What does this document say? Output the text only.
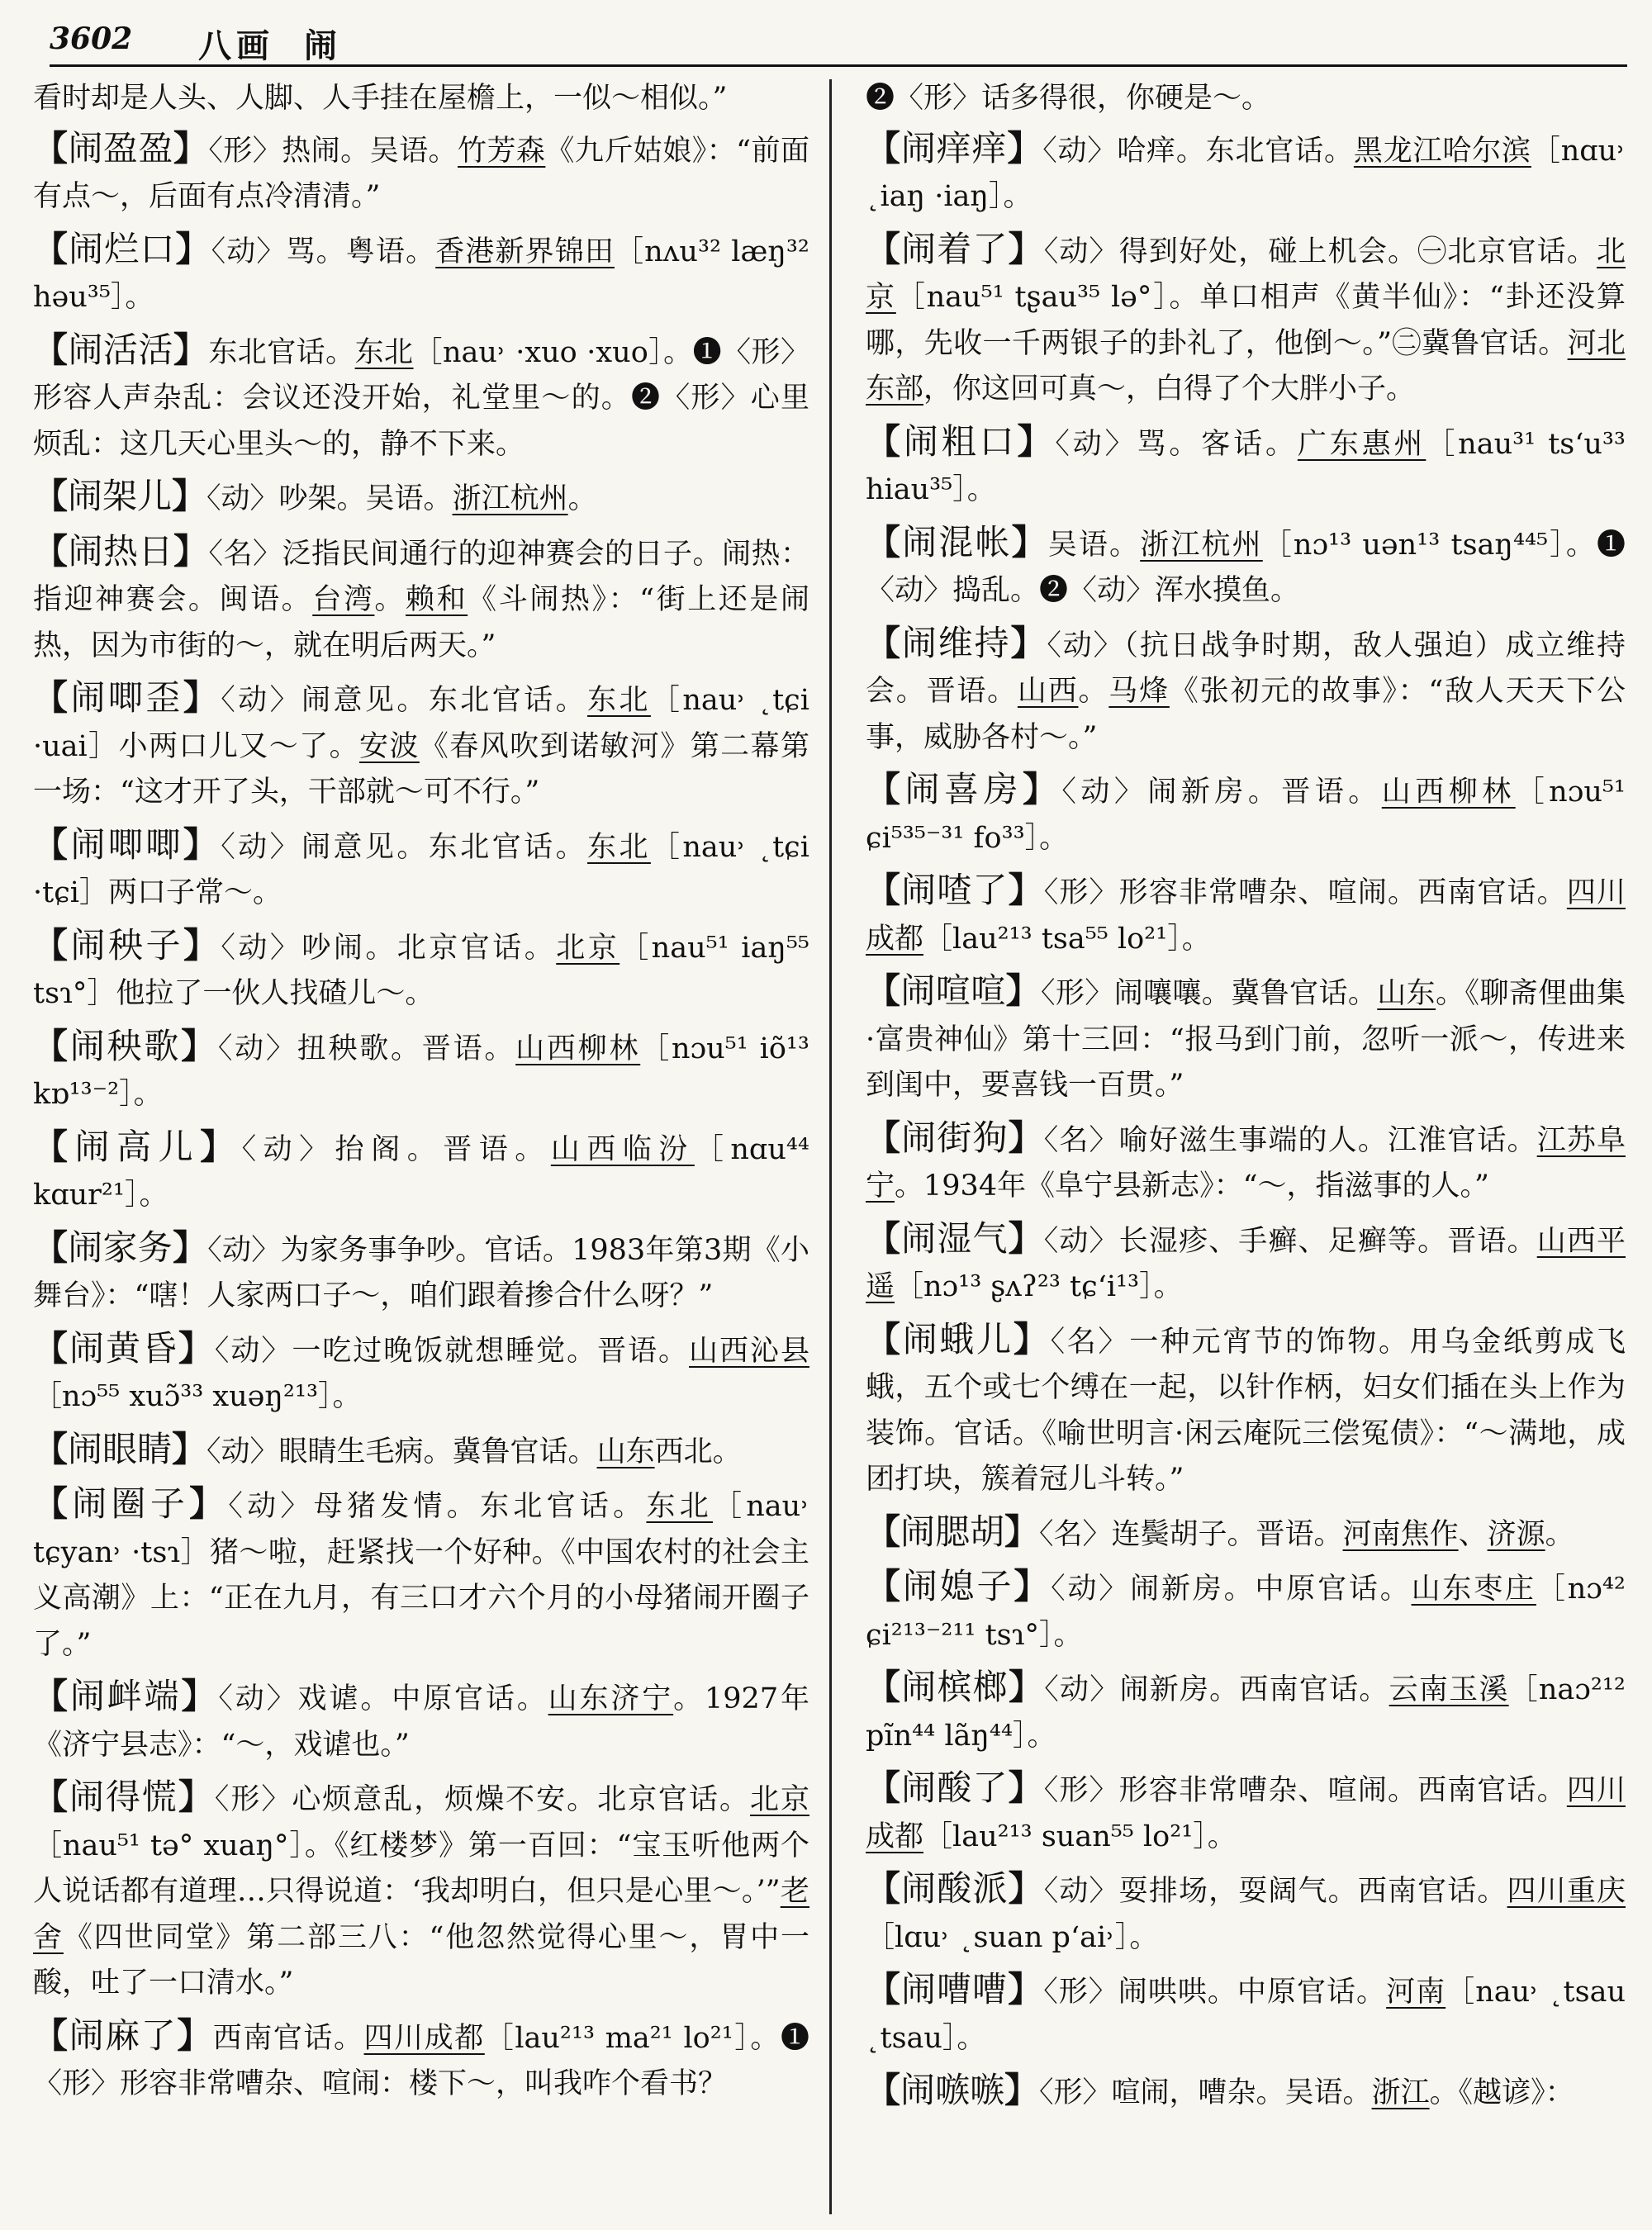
3602 八画 闹
看时却是人头、人脚、人手挂在屋檐上，一似～相似。”
【闹盈盈】〈形〉热闹。吴语。竹芳森《九斤姑娘》：“前面有点～，后面有点冷清清。”
【闹烂口】〈动〉骂。粤语。香港新界锦田［nʌu³² læŋ³² həu³⁵］。
【闹活活】东北官话。东北［nau˒ ·xuo ·xuo］。❶〈形〉形容人声杂乱：会议还没开始，礼堂里～的。❷〈形〉心里烦乱：这几天心里头～的，静不下来。
【闹架儿】〈动〉吵架。吴语。浙江杭州。
【闹热日】〈名〉泛指民间通行的迎神赛会的日子。闹热：指迎神赛会。闽语。台湾。赖和《斗闹热》：“街上还是闹热，因为市街的～，就在明后两天。”
【闹唧歪】〈动〉闹意见。东北官话。东北［nau˒ ˛tɕi ·uai］小两口儿又～了。安波《春风吹到诺敏河》第二幕第一场：“这才开了头，干部就～可不行。”
【闹唧唧】〈动〉闹意见。东北官话。东北［nau˒ ˛tɕi ·tɕi］两口子常～。
【闹秧子】〈动〉吵闹。北京官话。北京［nau⁵¹ iaŋ⁵⁵ tsɿ°］他拉了一伙人找碴儿～。
【闹秧歌】〈动〉扭秧歌。晋语。山西柳林［nɔu⁵¹ iõ¹³ kɒ¹³⁻²］。
【闹高儿】〈动〉抬阁。晋语。山西临汾［nɑu⁴⁴ kɑur²¹］。
【闹家务】〈动〉为家务事争吵。官话。1983年第3期《小舞台》：“嗐！人家两口子～，咱们跟着掺合什么呀？”
【闹黄昏】〈动〉一吃过晚饭就想睡觉。晋语。山西沁县［nɔ⁵⁵ xuɔ̃³³ xuəŋ²¹³］。
【闹眼睛】〈动〉眼睛生毛病。冀鲁官话。山东西北。
【闹圈子】〈动〉母猪发情。东北官话。东北［nau˒ tɕyan˒ ·tsɿ］猪～啦，赶紧找一个好种。《中国农村的社会主义高潮》上：“正在九月，有三口才六个月的小母猪闹开圈子了。”
【闹衅端】〈动〉戏谑。中原官话。山东济宁。1927年《济宁县志》：“～，戏谑也。”
【闹得慌】〈形〉心烦意乱，烦燥不安。北京官话。北京［nau⁵¹ tə° xuaŋ°］。《红楼梦》第一百回：“宝玉听他两个人说话都有道理…只得说道：‘我却明白，但只是心里～。’”老舍《四世同堂》第二部三八：“他忽然觉得心里～，胃中一酸，吐了一口清水。”
【闹麻了】西南官话。四川成都［lau²¹³ ma²¹ lo²¹］。❶〈形〉形容非常嘈杂、喧闹：楼下～，叫我咋个看书？
❷〈形〉话多得很，你硬是～。
【闹痒痒】〈动〉哈痒。东北官话。黑龙江哈尔滨［nɑu˒ ˛iaŋ ·iaŋ］。
【闹着了】〈动〉得到好处，碰上机会。㊀北京官话。北京［nau⁵¹ tʂau³⁵ lə°］。单口相声《黄半仙》：“卦还没算哪，先收一千两银子的卦礼了，他倒～。”㊁冀鲁官话。河北东部，你这回可真～，白得了个大胖小子。
【闹粗口】〈动〉骂。客话。广东惠州［nau³¹ ts‘u³³ hiau³⁵］。
【闹混帐】吴语。浙江杭州［nɔ¹³ uən¹³ tsaŋ⁴⁴⁵］。❶〈动〉捣乱。❷〈动〉浑水摸鱼。
【闹维持】〈动〉（抗日战争时期，敌人强迫）成立维持会。晋语。山西。马烽《张初元的故事》：“敌人天天下公事，威胁各村～。”
【闹喜房】〈动〉闹新房。晋语。山西柳林［nɔu⁵¹ ɕi⁵³⁵⁻³¹ fo³³］。
【闹喳了】〈形〉形容非常嘈杂、喧闹。西南官话。四川成都［lau²¹³ tsa⁵⁵ lo²¹］。
【闹喧喧】〈形〉闹嚷嚷。冀鲁官话。山东。《聊斋俚曲集·富贵神仙》第十三回：“报马到门前，忽听一派～，传进来到闺中，要喜钱一百贯。”
【闹街狗】〈名〉喻好滋生事端的人。江淮官话。江苏阜宁。1934年《阜宁县新志》：“～，指滋事的人。”
【闹湿气】〈动〉长湿疹、手癣、足癣等。晋语。山西平遥［nɔ¹³ ʂʌʔ²³ tɕ‘i¹³］。
【闹蛾儿】〈名〉一种元宵节的饰物。用乌金纸剪成飞蛾，五个或七个缚在一起，以针作柄，妇女们插在头上作为装饰。官话。《喻世明言·闲云庵阮三偿冤债》：“～满地，成团打块，簇着冠儿斗转。”
【闹腮胡】〈名〉连鬓胡子。晋语。河南焦作、济源。
【闹媳子】〈动〉闹新房。中原官话。山东枣庄［nɔ⁴² ɕi²¹³⁻²¹¹ tsɿ°］。
【闹槟榔】〈动〉闹新房。西南官话。云南玉溪［naɔ²¹² pĩn⁴⁴ lãŋ⁴⁴］。
【闹酸了】〈形〉形容非常嘈杂、喧闹。西南官话。四川成都［lau²¹³ suan⁵⁵ lo²¹］。
【闹酸派】〈动〉耍排场，耍阔气。西南官话。四川重庆［lɑu˒ ˛suan p‘ai˒］。
【闹嘈嘈】〈形〉闹哄哄。中原官话。河南［nau˒ ˛tsau ˛tsau］。
【闹嗾嗾】〈形〉喧闹，嘈杂。吴语。浙江。《越谚》：
